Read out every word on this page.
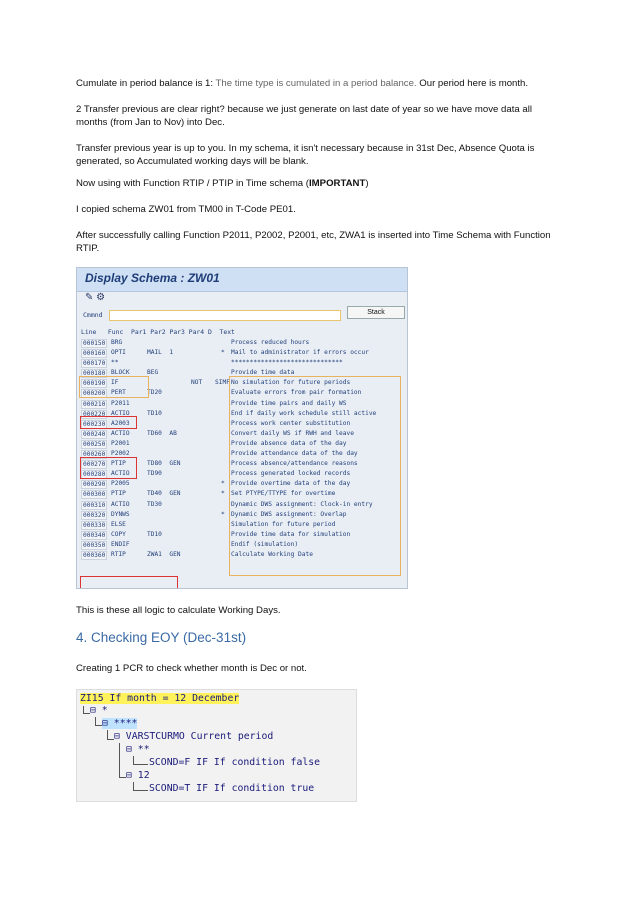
Cumulate in period balance is 1: The time type is cumulated in a period balance. Our period here is month.

2 Transfer previous are clear right? because we just generate on last date of year so we have move data all months (from Jan to Nov) into Dec.

Transfer previous year is up to you. In my schema, it isn't necessary because in 31st Dec, Absence Quota is generated, so Accumulated working days will be blank.

Now using with Function RTIP / PTIP in Time schema (IMPORTANT)

I copied schema ZW01 from TM00 in T-Code PE01.

After successfully calling Function P2011, P2002, P2001, etc, ZWA1 is inserted into Time Schema with Function RTIP.

Display Schema : ZW01
✎ ⚙
Cmmnd	Stack
Line   Func  Par1 Par2 Par3 Par4 D  Text
000150 BRG	Process reduced hours
000160 OPTI	MAIL  1	* Mail to administrator if errors occur
000170 **	******************************
000180 BLOCK	BEG	Provide time data
000190 IF	NOT SIMF No simulation for future periods
000200 PERT	TD20	Evaluate errors from pair formation
000210 P2011	Provide time pairs and daily WS
000220 ACTIO	TD10	End if daily work schedule still active
000230 A2003	Process work center substitution
000240 ACTIO	TD60  AB	Convert daily WS if RWH and leave
000250 P2001	Provide absence data of the day
000260 P2002	Provide attendance data of the day
000270 PTIP	TD80  GEN	Process absence/attendance reasons
000280 ACTIO	TD90	Process generated locked records
000290 P2005	* Provide overtime data of the day
000300 PTIP	TD40  GEN	* Set PTYPE/TTYPE for overtime
000310 ACTIO	TD30	Dynamic DWS assignment: Clock-in entry
000320 DYNWS	* Dynamic DWS assignment: Overlap
000330 ELSE	Simulation for future period
000340 COPY	TD10	Provide time data for simulation
000350 ENDIF	Endif (simulation)
000360 RTIP	ZWA1  GEN	Calculate Working Date

This is these all logic to calculate Working Days.

4. Checking EOY (Dec-31st)

Creating 1 PCR to check whether month is Dec or not.

ZI15 If month = 12 December
⊟ *
⊟ ****
⊟ VARSTCURMO Current period
⊟ **
SCOND=F IF If condition false
⊟ 12
SCOND=T IF If condition true
